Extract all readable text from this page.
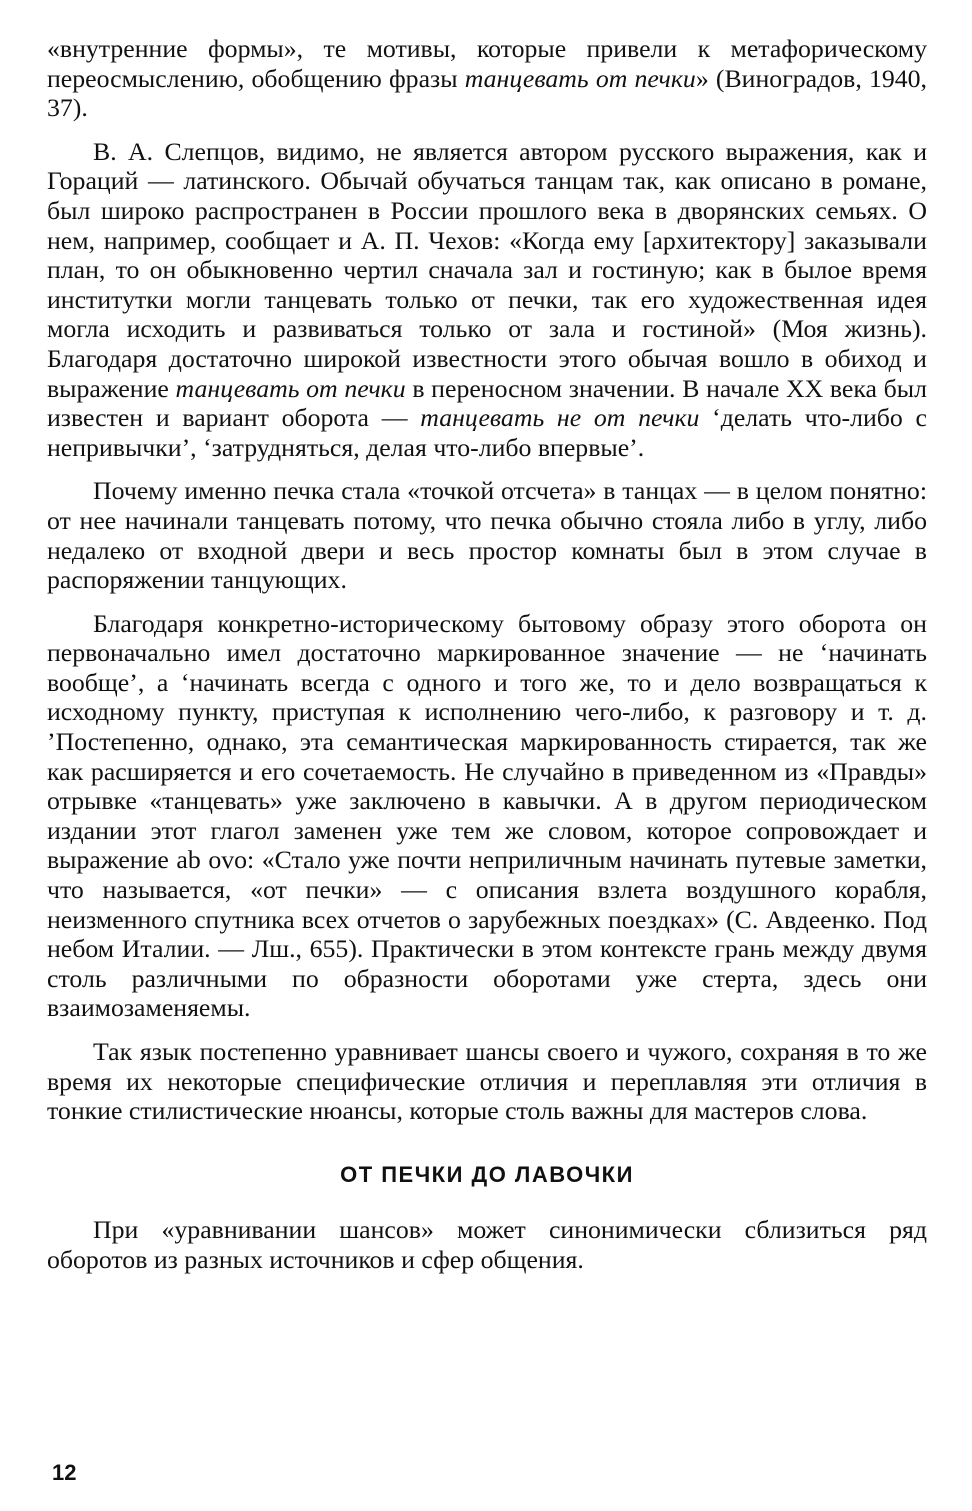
«внутренние формы», те мотивы, которые привели к метафорическому переосмыслению, обобщению фразы танцевать от печки» (Виноградов, 1940, 37).

В. А. Слепцов, видимо, не является автором русского выражения, как и Гораций — латинского. Обычай обучаться танцам так, как описано в романе, был широко распространен в России прошлого века в дворянских семьях. О нем, например, сообщает и А. П. Чехов: «Когда ему [архитектору] заказывали план, то он обыкновенно чертил сначала зал и гостиную; как в былое время институтки могли танцевать только от печки, так его художественная идея могла исходить и развиваться только от зала и гостиной» (Моя жизнь). Благодаря достаточно широкой известности этого обычая вошло в обиход и выражение танцевать от печки в переносном значении. В начале XX века был известен и вариант оборота — танцевать не от печки ‘делать что-либо с непривычки’, ‘затрудняться, делая что-либо впервые’.

Почему именно печка стала «точкой отсчета» в танцах — в целом понятно: от нее начинали танцевать потому, что печка обычно стояла либо в углу, либо недалеко от входной двери и весь простор комнаты был в этом случае в распоряжении танцующих.

Благодаря конкретно-историческому бытовому образу этого оборота он первоначально имел достаточно маркированное значение — не ‘начинать вообще’, а ‘начинать всегда с одного и того же, то и дело возвращаться к исходному пункту, приступая к исполнению чего-либо, к разговору и т. д. ’Постепенно, однако, эта семантическая маркированность стирается, так же как расширяется и его сочетаемость. Не случайно в приведенном из «Правды» отрывке «танцевать» уже заключено в кавычки. А в другом периодическом издании этот глагол заменен уже тем же словом, которое сопровождает и выражение ab ovo: «Стало уже почти неприличным начинать путевые заметки, что называется, «от печки» — с описания взлета воздушного корабля, неизменного спутника всех отчетов о зарубежных поездках» (С. Авдеенко. Под небом Италии. — Лш., 655). Практически в этом контексте грань между двумя столь различными по образности оборотами уже стерта, здесь они взаимозаменяемы.

Так язык постепенно уравнивает шансы своего и чужого, сохраняя в то же время их некоторые специфические отличия и переплавляя эти отличия в тонкие стилистические нюансы, которые столь важны для мастеров слова.

ОТ ПЕЧКИ ДО ЛАВОЧКИ

При «уравнивании шансов» может синонимически сблизиться ряд оборотов из разных источников и сфер общения.

12
